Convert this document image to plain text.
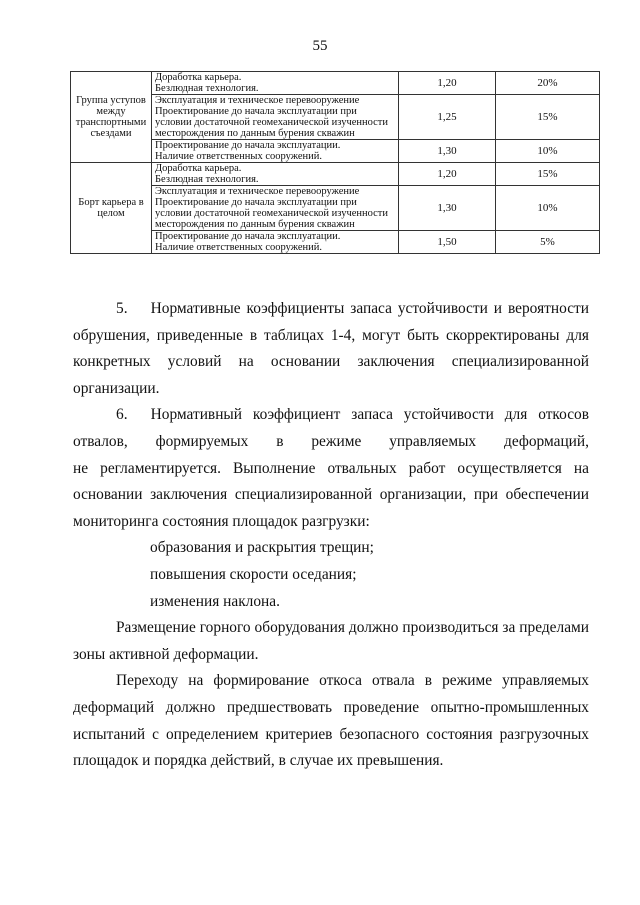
55
Группа уступов
между
транспортными
съездами	Доработка карьера.
Безлюдная технология.	1,20	20%

	Эксплуатация и техническое перевооружение
Проектирование до начала эксплуатации при
условии достаточной геомеханической изученности
месторождения по данным бурения скважин	1,25	15%

	Проектирование до начала эксплуатации.
Наличие ответственных сооружений.	1,30	10%

Борт карьера в
целом	Доработка карьера.
Безлюдная технология.	1,20	15%

	Эксплуатация и техническое перевооружение
Проектирование до начала эксплуатации при
условии достаточной геомеханической изученности
месторождения по данным бурения скважин	1,30	10%

	Проектирование до начала эксплуатации.
Наличие ответственных сооружений.	1,50	5%

5.  Нормативные коэффициенты запаса устойчивости и вероятности обрушения, приведенные в таблицах 1-4, могут быть скорректированы для конкретных условий на основании заключения специализированной организации.

6.  Нормативный коэффициент запаса устойчивости для откосов отвалов, формируемых в режиме управляемых деформаций,

не регламентируется. Выполнение отвальных работ осуществляется на основании заключения специализированной организации, при обеспечении мониторинга состояния площадок разгрузки:

образования и раскрытия трещин;

повышения скорости оседания;

изменения наклона.

Размещение горного оборудования должно производиться за пределами зоны активной деформации.

Переходу на формирование откоса отвала в режиме управляемых деформаций должно предшествовать проведение опытно-промышленных испытаний с определением критериев безопасного состояния разгрузочных площадок и порядка действий, в случае их превышения.
